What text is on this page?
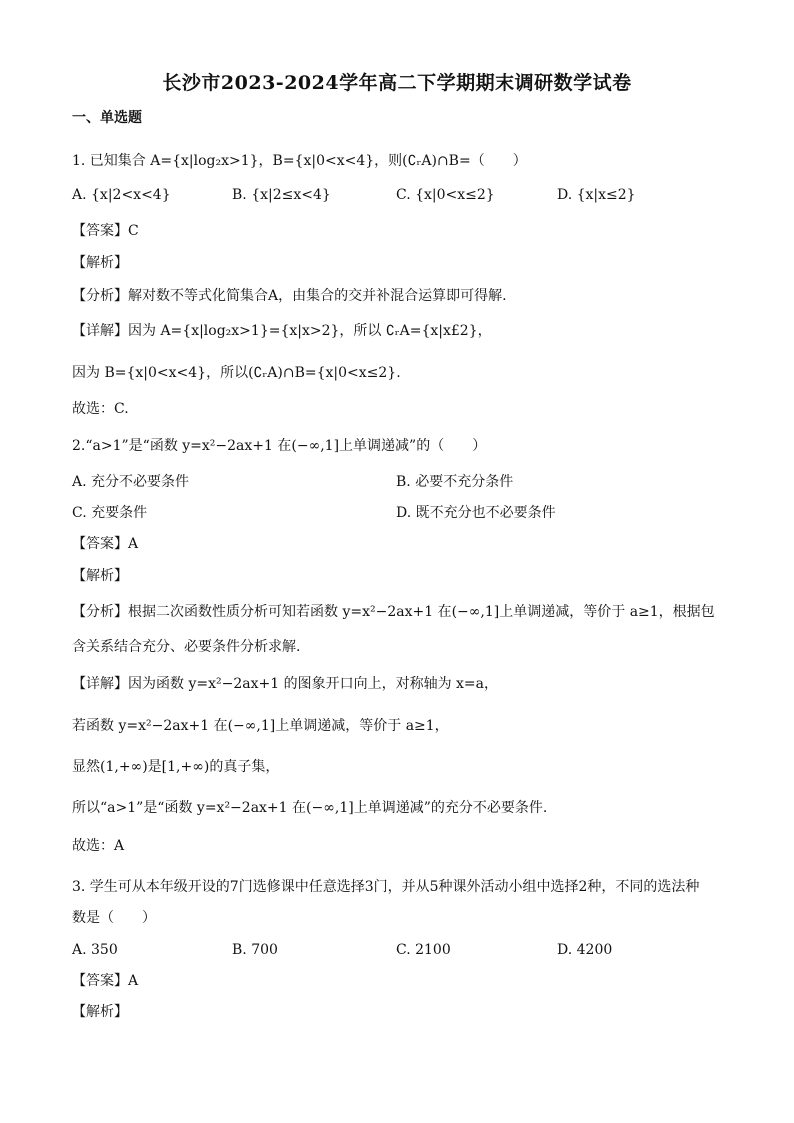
长沙市2023-2024学年高二下学期期末调研数学试卷
一、单选题
1. 已知集合 A={x|log₂x>1}，B={x|0<x<4}，则(∁ᵣA)∩B=（　　）
A. {x|2<x<4}	B. {x|2≤x<4}	C. {x|0<x≤2}	D. {x|x≤2}
【答案】C
【解析】
【分析】解对数不等式化简集合A，由集合的交并补混合运算即可得解.
【详解】因为 A={x|log₂x>1}={x|x>2}，所以 ∁ᵣA={x|x£2}，
因为 B={x|0<x<4}，所以(∁ᵣA)∩B={x|0<x≤2}.
故选：C.
2.“a>1”是“函数 y=x²−2ax+1 在(−∞,1]上单调递减”的（　　）
A. 充分不必要条件	B. 必要不充分条件
C. 充要条件	D. 既不充分也不必要条件
【答案】A
【解析】
【分析】根据二次函数性质分析可知若函数 y=x²−2ax+1 在(−∞,1]上单调递减，等价于 a≥1，根据包
含关系结合充分、必要条件分析求解.
【详解】因为函数 y=x²−2ax+1 的图象开口向上，对称轴为 x=a，
若函数 y=x²−2ax+1 在(−∞,1]上单调递减，等价于 a≥1，
显然(1,+∞)是[1,+∞)的真子集，
所以“a>1”是“函数 y=x²−2ax+1 在(−∞,1]上单调递减”的充分不必要条件.
故选：A
3. 学生可从本年级开设的7门选修课中任意选择3门，并从5种课外活动小组中选择2种，不同的选法种
数是（　　）
A. 350	B. 700	C. 2100	D. 4200
【答案】A
【解析】
